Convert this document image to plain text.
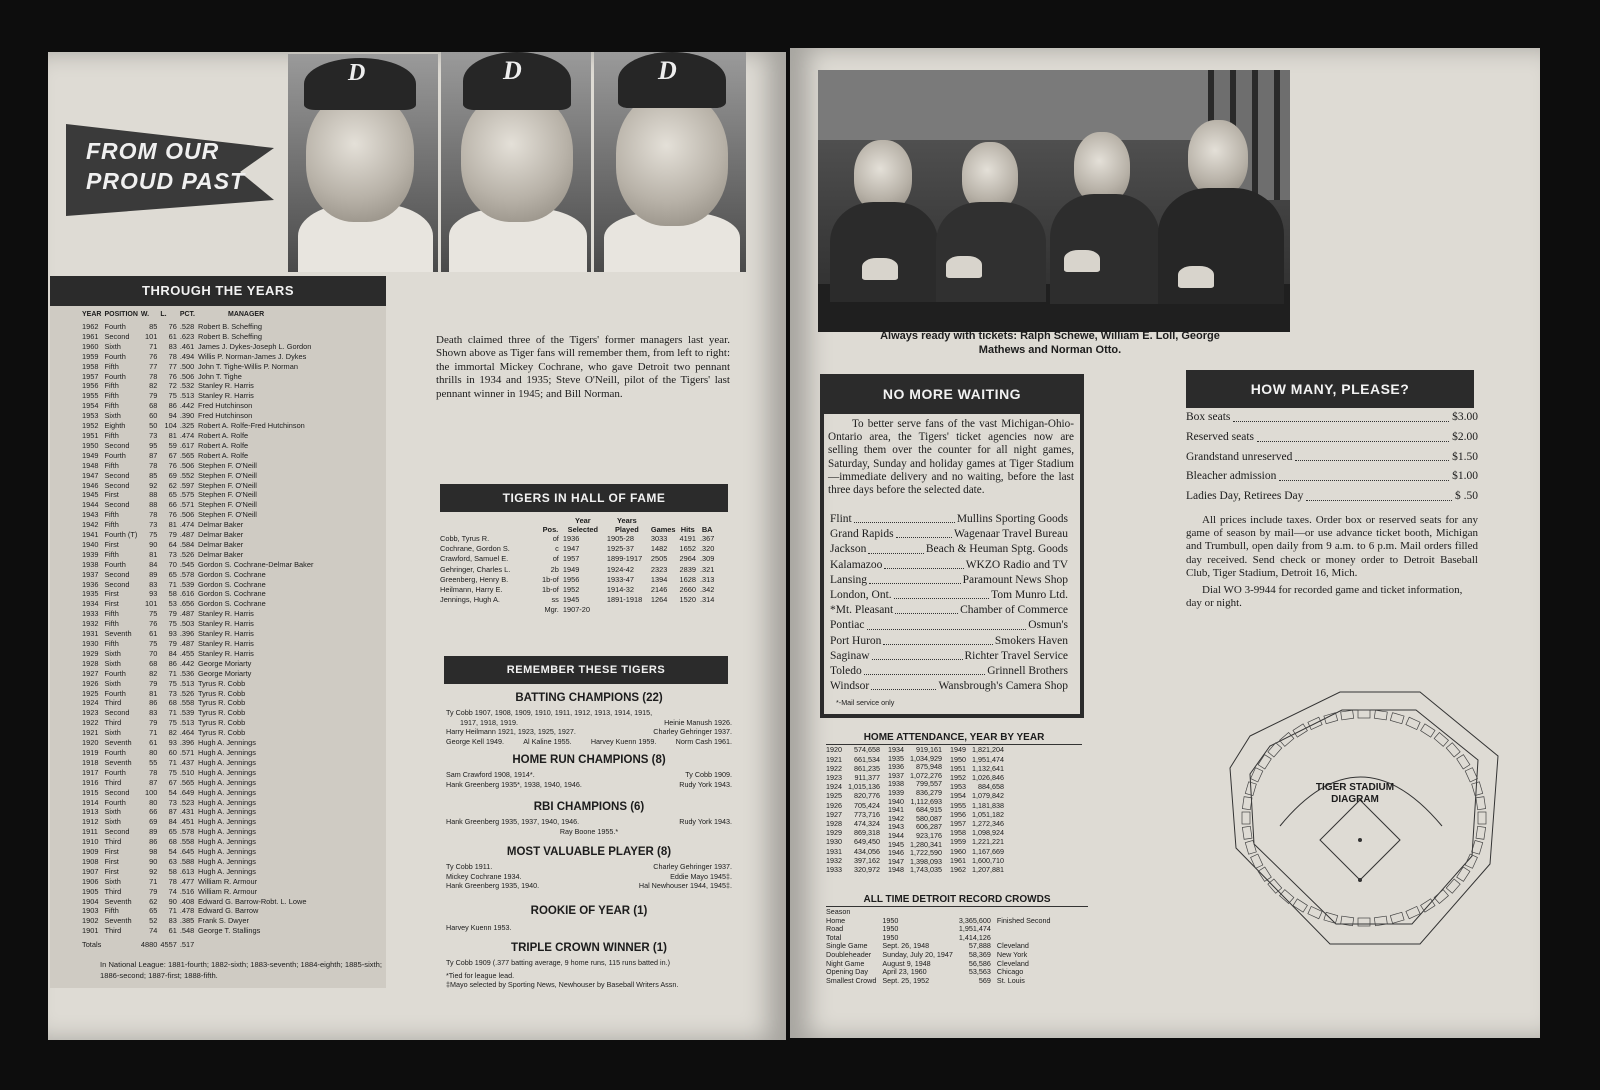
FROM OUR
PROUD PAST
D	D	D
THROUGH THE YEARS
YEAR	POSITION	W.	L.	PCT.	MANAGER
1962	Fourth	85	76	.528	Robert B. Scheffing
1961	Second	101	61	.623	Robert B. Scheffing
1960	Sixth	71	83	.461	James J. Dykes-Joseph L. Gordon
1959	Fourth	76	78	.494	Willis P. Norman-James J. Dykes
1958	Fifth	77	77	.500	John T. Tighe-Willis P. Norman
1957	Fourth	78	76	.506	John T. Tighe
1956	Fifth	82	72	.532	Stanley R. Harris
1955	Fifth	79	75	.513	Stanley R. Harris
1954	Fifth	68	86	.442	Fred Hutchinson
1953	Sixth	60	94	.390	Fred Hutchinson
1952	Eighth	50	104	.325	Robert A. Rolfe-Fred Hutchinson
1951	Fifth	73	81	.474	Robert A. Rolfe
1950	Second	95	59	.617	Robert A. Rolfe
1949	Fourth	87	67	.565	Robert A. Rolfe
1948	Fifth	78	76	.506	Stephen F. O'Neill
1947	Second	85	69	.552	Stephen F. O'Neill
1946	Second	92	62	.597	Stephen F. O'Neill
1945	First	88	65	.575	Stephen F. O'Neill
1944	Second	88	66	.571	Stephen F. O'Neill
1943	Fifth	78	76	.506	Stephen F. O'Neill
1942	Fifth	73	81	.474	Delmar Baker
1941	Fourth (T)	75	79	.487	Delmar Baker
1940	First	90	64	.584	Delmar Baker
1939	Fifth	81	73	.526	Delmar Baker
1938	Fourth	84	70	.545	Gordon S. Cochrane-Delmar Baker
1937	Second	89	65	.578	Gordon S. Cochrane
1936	Second	83	71	.539	Gordon S. Cochrane
1935	First	93	58	.616	Gordon S. Cochrane
1934	First	101	53	.656	Gordon S. Cochrane
1933	Fifth	75	79	.487	Stanley R. Harris
1932	Fifth	76	75	.503	Stanley R. Harris
1931	Seventh	61	93	.396	Stanley R. Harris
1930	Fifth	75	79	.487	Stanley R. Harris
1929	Sixth	70	84	.455	Stanley R. Harris
1928	Sixth	68	86	.442	George Moriarty
1927	Fourth	82	71	.536	George Moriarty
1926	Sixth	79	75	.513	Tyrus R. Cobb
1925	Fourth	81	73	.526	Tyrus R. Cobb
1924	Third	86	68	.558	Tyrus R. Cobb
1923	Second	83	71	.539	Tyrus R. Cobb
1922	Third	79	75	.513	Tyrus R. Cobb
1921	Sixth	71	82	.464	Tyrus R. Cobb
1920	Seventh	61	93	.396	Hugh A. Jennings
1919	Fourth	80	60	.571	Hugh A. Jennings
1918	Seventh	55	71	.437	Hugh A. Jennings
1917	Fourth	78	75	.510	Hugh A. Jennings
1916	Third	87	67	.565	Hugh A. Jennings
1915	Second	100	54	.649	Hugh A. Jennings
1914	Fourth	80	73	.523	Hugh A. Jennings
1913	Sixth	66	87	.431	Hugh A. Jennings
1912	Sixth	69	84	.451	Hugh A. Jennings
1911	Second	89	65	.578	Hugh A. Jennings
1910	Third	86	68	.558	Hugh A. Jennings
1909	First	98	54	.645	Hugh A. Jennings
1908	First	90	63	.588	Hugh A. Jennings
1907	First	92	58	.613	Hugh A. Jennings
1906	Sixth	71	78	.477	William R. Armour
1905	Third	79	74	.516	William R. Armour
1904	Seventh	62	90	.408	Edward G. Barrow-Robt. L. Lowe
1903	Fifth	65	71	.478	Edward G. Barrow
1902	Seventh	52	83	.385	Frank S. Dwyer
1901	Third	74	61	.548	George T. Stallings
Totals		4880	4557	.517	
In National League: 1881-fourth; 1882-sixth; 1883-seventh; 1884-eighth; 1885-sixth; 1886-second; 1887-first; 1888-fifth.
Death claimed three of the Tigers' former managers last year. Shown above as Tiger fans will remember them, from left to right: the immortal Mickey Cochrane, who gave Detroit two pennant thrills in 1934 and 1935; Steve O'Neill, pilot of the Tigers' last pennant winner in 1945; and Bill Norman.
TIGERS IN HALL OF FAME
	Pos.	Year Selected	Years Played	Games	Hits	BA
Cobb, Tyrus R.	of	1936	1905-28	3033	4191	.367
Cochrane, Gordon S.	c	1947	1925-37	1482	1652	.320
Crawford, Samuel E.	of	1957	1899-1917	2505	2964	.309
Gehringer, Charles L.	2b	1949	1924-42	2323	2839	.321
Greenberg, Henry B.	1b-of	1956	1933-47	1394	1628	.313
Heilmann, Harry E.	1b-of	1952	1914-32	2146	2660	.342
Jennings, Hugh A.	ss	1945	1891-1918	1264	1520	.314
	Mgr.	1907-20				
REMEMBER THESE TIGERS
BATTING CHAMPIONS (22)
Ty Cobb 1907, 1908, 1909, 1910, 1911, 1912, 1913, 1914, 1915,
1917, 1918, 1919.	Heinie Manush 1926.
Harry Heilmann 1921, 1923, 1925, 1927.	Charley Gehringer 1937.
George Kell 1949.	Al Kaline 1955.	Harvey Kuenn 1959.	Norm Cash 1961.
HOME RUN CHAMPIONS (8)
Sam Crawford 1908, 1914*.	Ty Cobb 1909.
Hank Greenberg 1935*, 1938, 1940, 1946.	Rudy York 1943.
RBI CHAMPIONS (6)
Hank Greenberg 1935, 1937, 1940, 1946.	Rudy York 1943.
Ray Boone 1955.*
MOST VALUABLE PLAYER (8)
Ty Cobb 1911.	Charley Gehringer 1937.
Mickey Cochrane 1934.	Eddie Mayo 1945‡.
Hank Greenberg 1935, 1940.	Hal Newhouser 1944, 1945‡.
ROOKIE OF YEAR (1)
Harvey Kuenn 1953.
TRIPLE CROWN WINNER (1)
Ty Cobb 1909 (.377 batting average, 9 home runs, 115 runs batted in.)
*Tied for league lead.
‡Mayo selected by Sporting News, Newhouser by Baseball Writers Assn.
Always ready with tickets: Ralph Schewe, William E. Loll, George Mathews and Norman Otto.
NO MORE WAITING
To better serve fans of the vast Michigan-Ohio-Ontario area, the Tigers' ticket agencies now are selling them over the counter for all night games, Saturday, Sunday and holiday games at Tiger Stadium—immediate delivery and no waiting, before the last three days before the selected date.
Flint	Mullins Sporting Goods
Grand Rapids	Wagenaar Travel Bureau
Jackson	Beach & Heuman Sptg. Goods
Kalamazoo	WKZO Radio and TV
Lansing	Paramount News Shop
London, Ont.	Tom Munro Ltd.
*Mt. Pleasant	Chamber of Commerce
Pontiac	Osmun's
Port Huron	Smokers Haven
Saginaw	Richter Travel Service
Toledo	Grinnell Brothers
Windsor	Wansbrough's Camera Shop
*-Mail service only
HOME ATTENDANCE, YEAR BY YEAR
1920	574,658
1921	661,534
1922	861,235
1923	911,377
1924	1,015,136
1925	820,776
1926	705,424
1927	773,716
1928	474,324
1929	869,318
1930	649,450
1931	434,056
1932	397,162
1933	320,972
1934	919,161
1935	1,034,929
1936	875,948
1937	1,072,276
1938	799,557
1939	836,279
1940	1,112,693
1941	684,915
1942	580,087
1943	606,287
1944	923,176
1945	1,280,341
1946	1,722,590
1947	1,398,093
1948	1,743,035
1949	1,821,204
1950	1,951,474
1951	1,132,641
1952	1,026,846
1953	884,658
1954	1,079,842
1955	1,181,838
1956	1,051,182
1957	1,272,346
1958	1,098,924
1959	1,221,221
1960	1,167,669
1961	1,600,710
1962	1,207,881
ALL TIME DETROIT RECORD CROWDS
Season			
Home	1950	3,365,600	Finished Second
Road	1950	1,951,474	
Total	1950	1,414,126	
Single Game	Sept. 26, 1948	57,888	Cleveland
Doubleheader	Sunday, July 20, 1947	58,369	New York
Night Game	August 9, 1948	56,586	Cleveland
Opening Day	April 23, 1960	53,563	Chicago
Smallest Crowd	Sept. 25, 1952	569	St. Louis
HOW MANY, PLEASE?
Box seats	$3.00
Reserved seats	$2.00
Grandstand unreserved	$1.50
Bleacher admission	$1.00
Ladies Day, Retirees Day	$ .50
All prices include taxes. Order box or reserved seats for any game of season by mail—or use advance ticket booth, Michigan and Trumbull, open daily from 9 a.m. to 6 p.m. Mail orders filled day received. Send check or money order to Detroit Baseball Club, Tiger Stadium, Detroit 16, Mich.
Dial WO 3-9944 for recorded game and ticket information, day or night.
TIGER STADIUM
DIAGRAM
